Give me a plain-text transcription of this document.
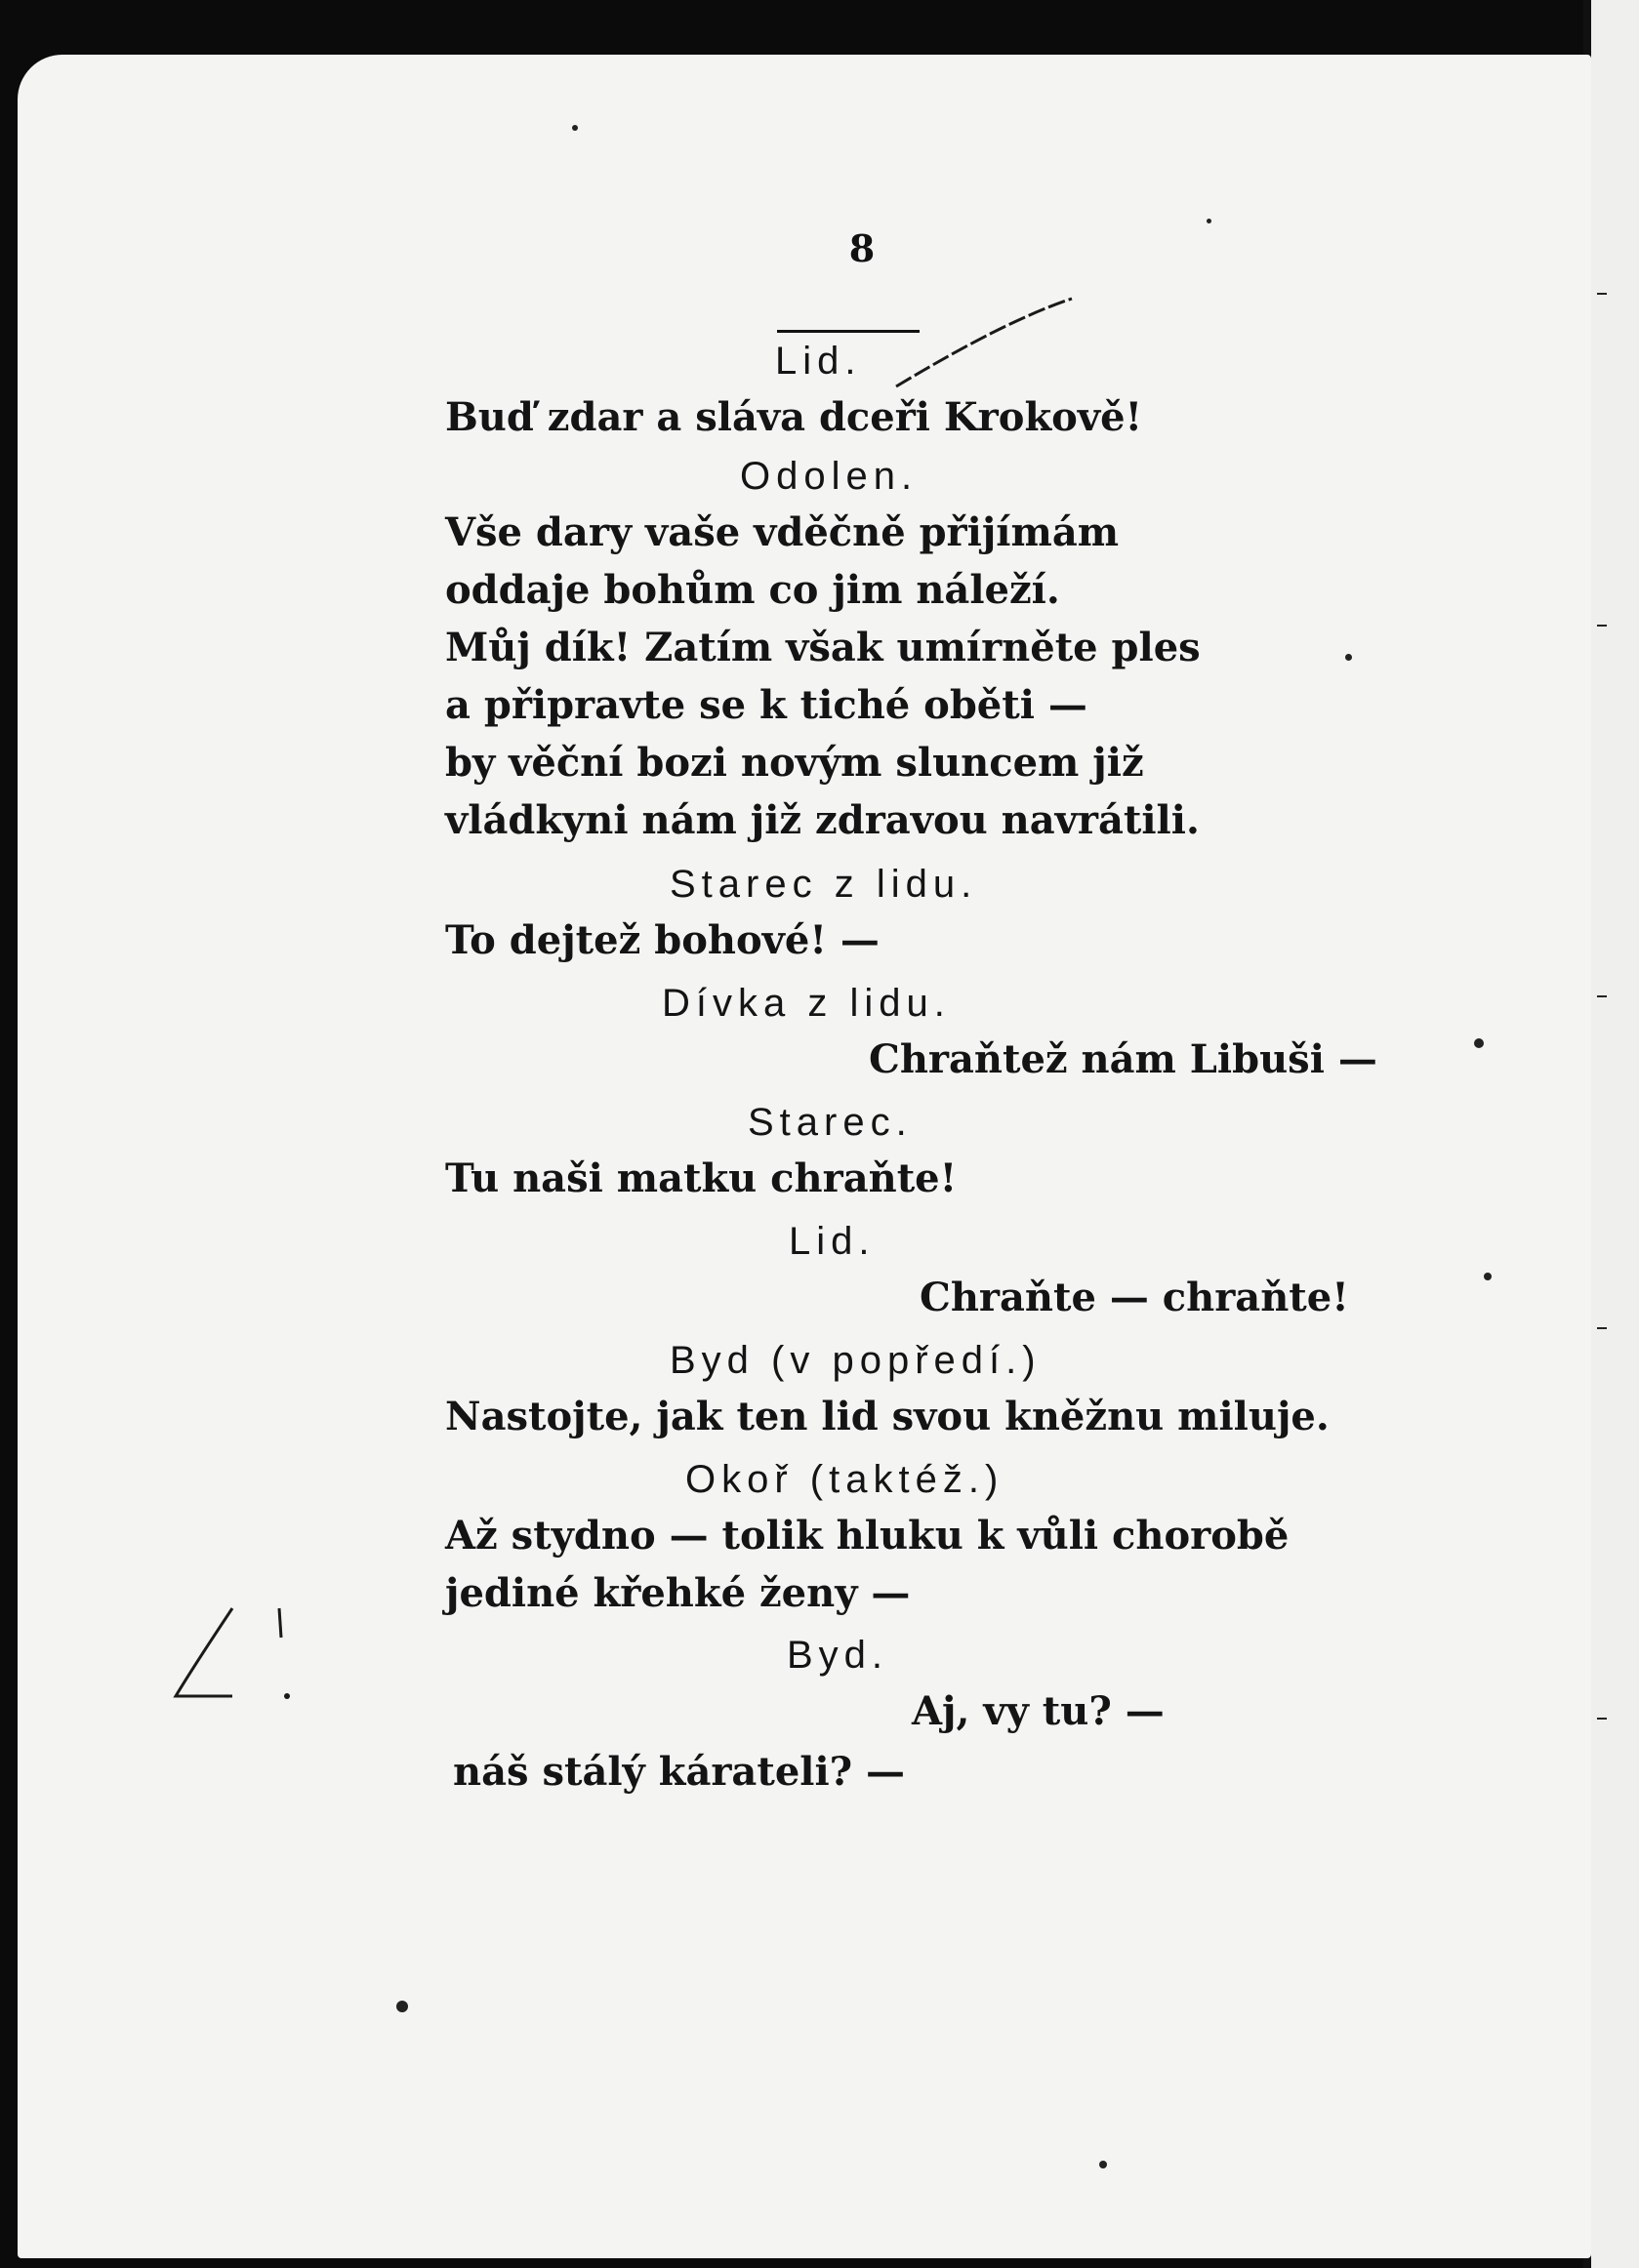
8
Lid.
Buď zdar a sláva dceři Krokově!
Odolen.
Vše dary vaše vděčně přijímám
oddaje bohům co jim náleží.
Můj dík! Zatím však umírněte ples
a připravte se k tiché oběti —
by věční bozi novým sluncem již
vládkyni nám již zdravou navrátili.
Starec z lidu.
To dejtež bohové! —
Dívka z lidu.
Chraňtež nám Libuši —
Starec.
Tu naši matku chraňte!
Lid.
Chraňte — chraňte!
Byd (v popředí.)
Nastojte, jak ten lid svou kněžnu miluje.
Okoř (taktéž.)
Až stydno — tolik hluku k vůli chorobě
jediné křehké ženy —
Byd.
Aj, vy tu? —
náš stálý kárateli? —
